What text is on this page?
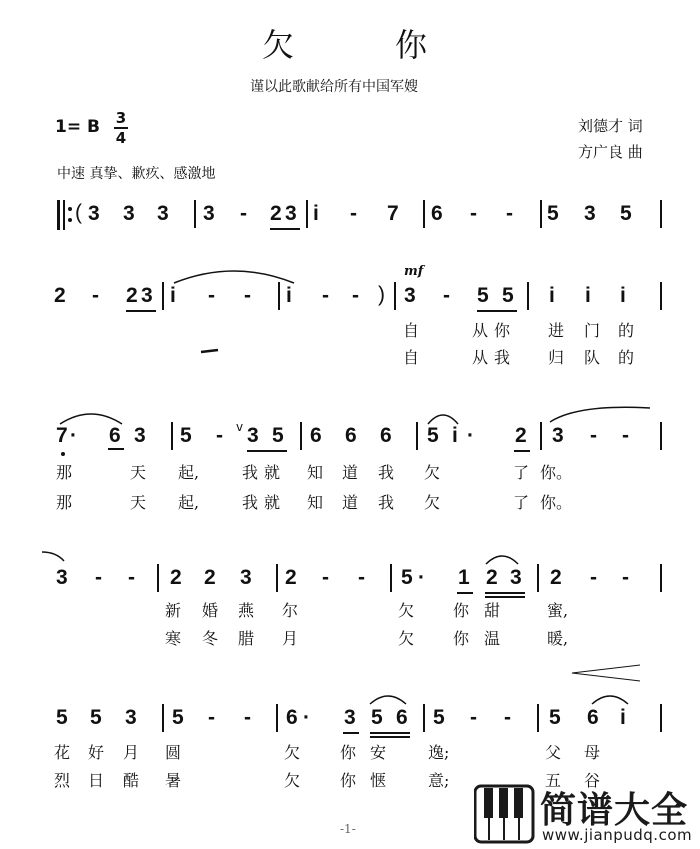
欠	你
谨以此歌献给所有中国军嫂
1= B 3
4
刘德才 词
方广良 曲
中速 真挚、歉疚、感激地
( 3 3 3 3 - 2 3 i - 7 6 - - 5 3 5
2 - 2 3 i - - i - - )
mf
3 - 5 5 i i i
自	从你 进 门 的
自	从我 归 队 的
7 · 6 3 5 - v 3 5 6 6 6 5 i · 2 3 - -
那	天 起,	我就 知 道 我 欠	了 你。
那	天 起,	我就 知 道 我 欠	了 你。
3 - - 2 2 3 2 - - 5 · 1 2 3 2 - -
新 婚 燕 尔	欠 你 甜	蜜,
寒 冬 腊 月	欠 你 温	暖,
5 5 3 5 - - 6 · 3 5 6 5 - - 5 6 i
花 好 月 圆	欠 你 安	逸;	父 母
烈 日 酷 暑	欠 你 惬	意;	五 谷
-1-	简谱大全
www.jianpudq.com
